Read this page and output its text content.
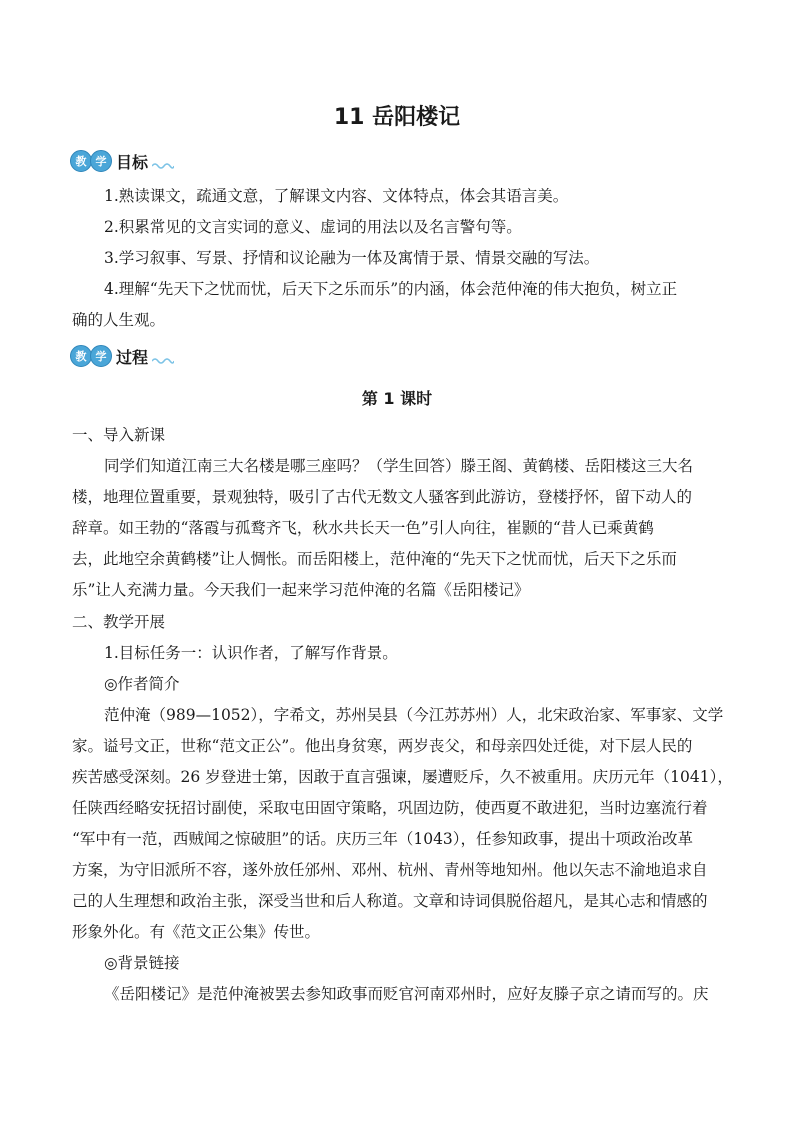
11 岳阳楼记
教 学 目标
1.熟读课文，疏通文意，了解课文内容、文体特点，体会其语言美。
2.积累常见的文言实词的意义、虚词的用法以及名言警句等。
3.学习叙事、写景、抒情和议论融为一体及寓情于景、情景交融的写法。
4.理解“先天下之忧而忧，后天下之乐而乐”的内涵，体会范仲淹的伟大抱负，树立正
确的人生观。
教 学 过程
第 1 课时
一、导入新课
同学们知道江南三大名楼是哪三座吗？（学生回答）滕王阁、黄鹤楼、岳阳楼这三大名
楼，地理位置重要，景观独特，吸引了古代无数文人骚客到此游访，登楼抒怀，留下动人的
辞章。如王勃的“落霞与孤鹜齐飞，秋水共长天一色”引人向往，崔颢的“昔人已乘黄鹤
去，此地空余黄鹤楼”让人惆怅。而岳阳楼上，范仲淹的“先天下之忧而忧，后天下之乐而
乐”让人充满力量。今天我们一起来学习范仲淹的名篇《岳阳楼记》
二、教学开展
1.目标任务一：认识作者，了解写作背景。
◎作者简介
范仲淹（989—1052），字希文，苏州吴县（今江苏苏州）人，北宋政治家、军事家、文学
家。谥号文正，世称“范文正公”。他出身贫寒，两岁丧父，和母亲四处迁徙，对下层人民的
疾苦感受深刻。26 岁登进士第，因敢于直言强谏，屡遭贬斥，久不被重用。庆历元年（1041），
任陕西经略安抚招讨副使，采取屯田固守策略，巩固边防，使西夏不敢进犯，当时边塞流行着
“军中有一范，西贼闻之惊破胆”的话。庆历三年（1043），任参知政事，提出十项政治改革
方案，为守旧派所不容，遂外放任邠州、邓州、杭州、青州等地知州。他以矢志不渝地追求自
己的人生理想和政治主张，深受当世和后人称道。文章和诗词俱脱俗超凡，是其心志和情感的
形象外化。有《范文正公集》传世。
◎背景链接
《岳阳楼记》是范仲淹被罢去参知政事而贬官河南邓州时，应好友滕子京之请而写的。庆
